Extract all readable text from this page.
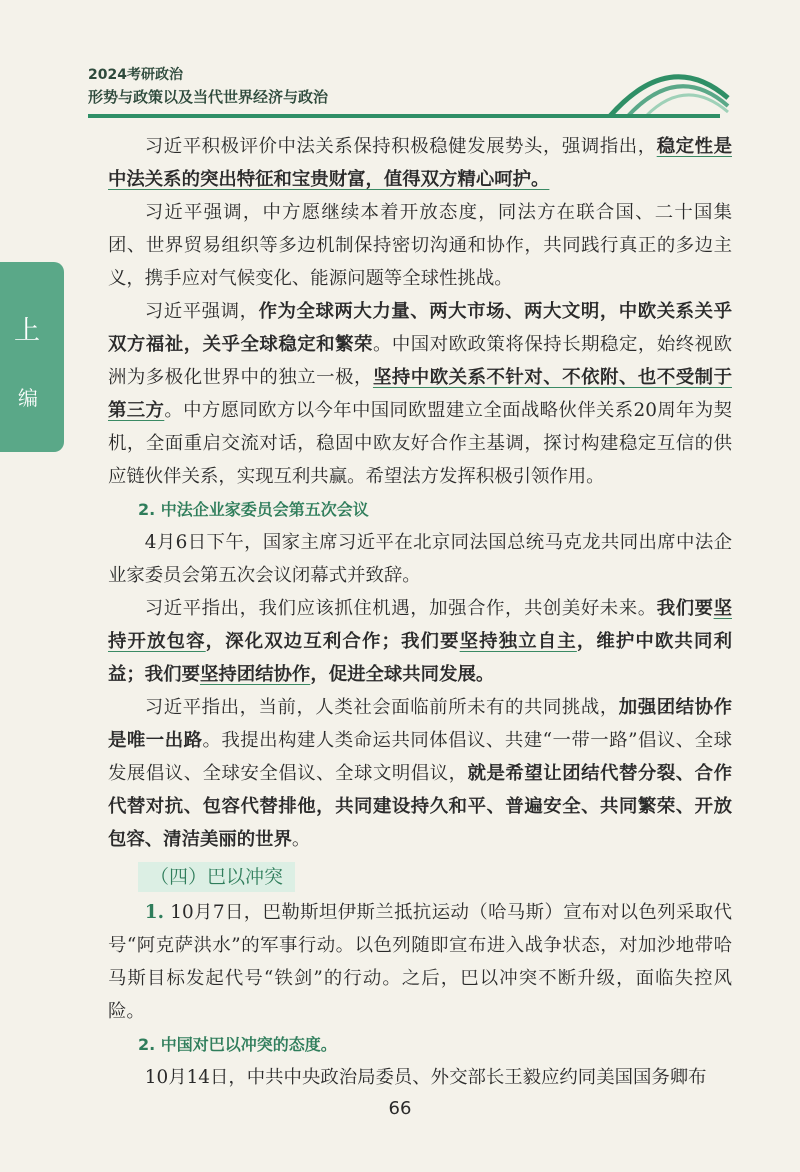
2024考研政治
形势与政策以及当代世界经济与政治
上
编

习近平积极评价中法关系保持积极稳健发展势头，强调指出，稳定性是中法关系的突出特征和宝贵财富，值得双方精心呵护。

习近平强调，中方愿继续本着开放态度，同法方在联合国、二十国集团、世界贸易组织等多边机制保持密切沟通和协作，共同践行真正的多边主义，携手应对气候变化、能源问题等全球性挑战。

习近平强调，作为全球两大力量、两大市场、两大文明，中欧关系关乎双方福祉，关乎全球稳定和繁荣。中国对欧政策将保持长期稳定，始终视欧洲为多极化世界中的独立一极，坚持中欧关系不针对、不依附、也不受制于第三方。中方愿同欧方以今年中国同欧盟建立全面战略伙伴关系20周年为契机，全面重启交流对话，稳固中欧友好合作主基调，探讨构建稳定互信的供应链伙伴关系，实现互利共赢。希望法方发挥积极引领作用。

2. 中法企业家委员会第五次会议

4月6日下午，国家主席习近平在北京同法国总统马克龙共同出席中法企业家委员会第五次会议闭幕式并致辞。

习近平指出，我们应该抓住机遇，加强合作，共创美好未来。我们要坚持开放包容，深化双边互利合作；我们要坚持独立自主，维护中欧共同利益；我们要坚持团结协作，促进全球共同发展。

习近平指出，当前，人类社会面临前所未有的共同挑战，加强团结协作是唯一出路。我提出构建人类命运共同体倡议、共建“一带一路”倡议、全球发展倡议、全球安全倡议、全球文明倡议，就是希望让团结代替分裂、合作代替对抗、包容代替排他，共同建设持久和平、普遍安全、共同繁荣、开放包容、清洁美丽的世界。

（四）巴以冲突

1. 10月7日，巴勒斯坦伊斯兰抵抗运动（哈马斯）宣布对以色列采取代号“阿克萨洪水”的军事行动。以色列随即宣布进入战争状态，对加沙地带哈马斯目标发起代号“铁剑”的行动。之后，巴以冲突不断升级，面临失控风险。

2. 中国对巴以冲突的态度。

10月14日，中共中央政治局委员、外交部长王毅应约同美国国务卿布

66
